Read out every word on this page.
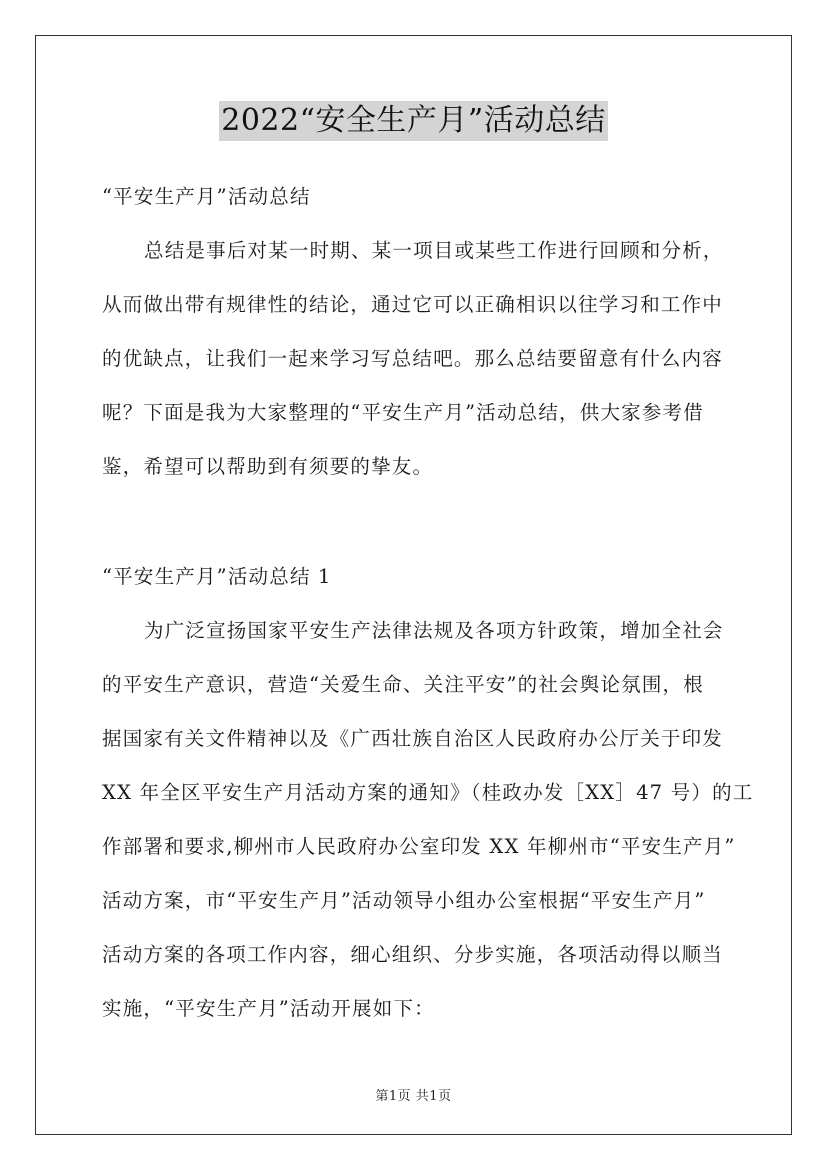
2022“安全生产月”活动总结
“平安生产月”活动总结
总结是事后对某一时期、某一项目或某些工作进行回顾和分析，
从而做出带有规律性的结论，通过它可以正确相识以往学习和工作中
的优缺点，让我们一起来学习写总结吧。那么总结要留意有什么内容
呢？下面是我为大家整理的“平安生产月”活动总结，供大家参考借
鉴，希望可以帮助到有须要的挚友。
“平安生产月”活动总结 1
为广泛宣扬国家平安生产法律法规及各项方针政策，增加全社会
的平安生产意识，营造“关爱生命、关注平安”的社会舆论氛围，根
据国家有关文件精神以及《广西壮族自治区人民政府办公厅关于印发
XX 年全区平安生产月活动方案的通知》（桂政办发［XX］47 号）的工
作部署和要求,柳州市人民政府办公室印发 XX 年柳州市“平安生产月”
活动方案，市“平安生产月”活动领导小组办公室根据“平安生产月”
活动方案的各项工作内容，细心组织、分步实施，各项活动得以顺当
实施，“平安生产月”活动开展如下：
第1页 共1页
